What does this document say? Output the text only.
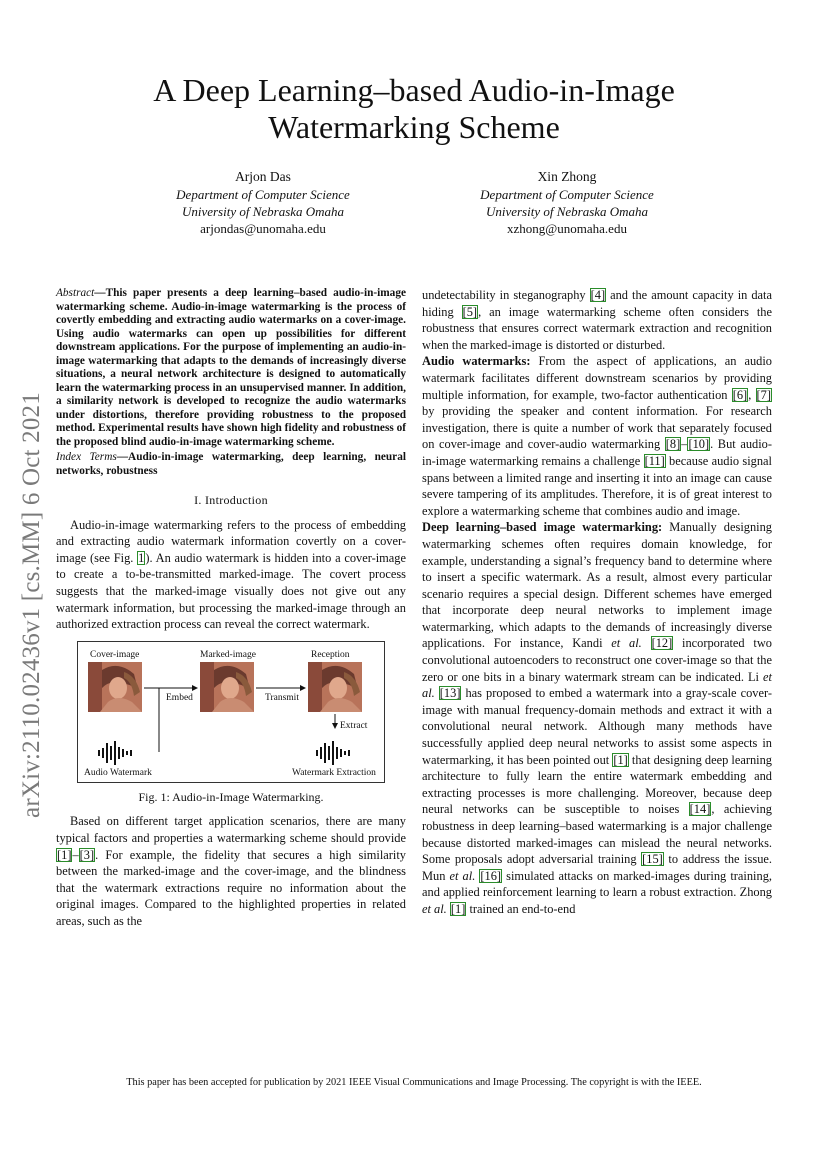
arXiv:2110.02436v1 [cs.MM] 6 Oct 2021
A Deep Learning–based Audio-in-Image Watermarking Scheme
Arjon Das
Department of Computer Science
University of Nebraska Omaha
arjondas@unomaha.edu
Xin Zhong
Department of Computer Science
University of Nebraska Omaha
xzhong@unomaha.edu

Abstract—This paper presents a deep learning–based audio-in-image watermarking scheme. Audio-in-image watermarking is the process of covertly embedding and extracting audio watermarks on a cover-image. Using audio watermarks can open up possibilities for different downstream applications. For the purpose of implementing an audio-in-image watermarking that adapts to the demands of increasingly diverse situations, a neural network architecture is designed to automatically learn the watermarking process in an unsupervised manner. In addition, a similarity network is developed to recognize the audio watermarks under distortions, therefore providing robustness to the proposed method. Experimental results have shown high fidelity and robustness of the proposed blind audio-in-image watermarking scheme.

Index Terms—Audio-in-image watermarking, deep learning, neural networks, robustness

I. Introduction

Audio-in-image watermarking refers to the process of embedding and extracting audio watermark information covertly on a cover-image (see Fig. 1). An audio watermark is hidden into a cover-image to create a to-be-transmitted marked-image. The covert process suggests that the marked-image visually does not give out any watermark information, but processing the marked-image through an authorized extraction process can reveal the correct watermark.

Cover-image	Marked-image	Reception
Embed	Transmit
Extract
Audio Watermark	Watermark Extraction

Fig. 1: Audio-in-Image Watermarking.

Based on different target application scenarios, there are many typical factors and properties a watermarking scheme should provide [1]–[3]. For example, the fidelity that secures a high similarity between the marked-image and the cover-image, and the blindness that the watermark extractions require no information about the original images. Compared to the highlighted properties in related areas, such as the

undetectability in steganography [4] and the amount capacity in data hiding [5], an image watermarking scheme often considers the robustness that ensures correct watermark extraction and recognition when the marked-image is distorted or disturbed.

Audio watermarks: From the aspect of applications, an audio watermark facilitates different downstream scenarios by providing multiple information, for example, two-factor authentication [6], [7] by providing the speaker and content information. For research investigation, there is quite a number of work that separately focused on cover-image and cover-audio watermarking [8]–[10]. But audio-in-image watermarking remains a challenge [11] because audio signal spans between a limited range and inserting it into an image can cause severe tampering of its amplitudes. Therefore, it is of great interest to explore a watermarking scheme that combines audio and image.

Deep learning–based image watermarking: Manually designing watermarking schemes often requires domain knowledge, for example, understanding a signal’s frequency band to determine where to insert a specific watermark. As a result, almost every particular scenario requires a special design. Different schemes have emerged that incorporate deep neural networks to implement image watermarking, which adapts to the demands of increasingly diverse applications. For instance, Kandi et al. [12] incorporated two convolutional autoencoders to reconstruct one cover-image so that the zero or one bits in a binary watermark stream can be indicated. Li et al. [13] has proposed to embed a watermark into a gray-scale cover-image with manual frequency-domain methods and extract it with a convolutional neural network. Although many methods have successfully applied deep neural networks to assist some aspects in watermarking, it has been pointed out [1] that designing deep learning architecture to fully learn the entire watermark embedding and extracting processes is more challenging. Moreover, because deep neural networks can be susceptible to noises [14], achieving robustness in deep learning–based watermarking is a major challenge because distorted marked-images can mislead the neural networks. Some proposals adopt adversarial training [15] to address the issue. Mun et al. [16] simulated attacks on marked-images during training, and applied reinforcement learning to learn a robust extraction. Zhong et al. [1] trained an end-to-end

This paper has been accepted for publication by 2021 IEEE Visual Communications and Image Processing. The copyright is with the IEEE.
